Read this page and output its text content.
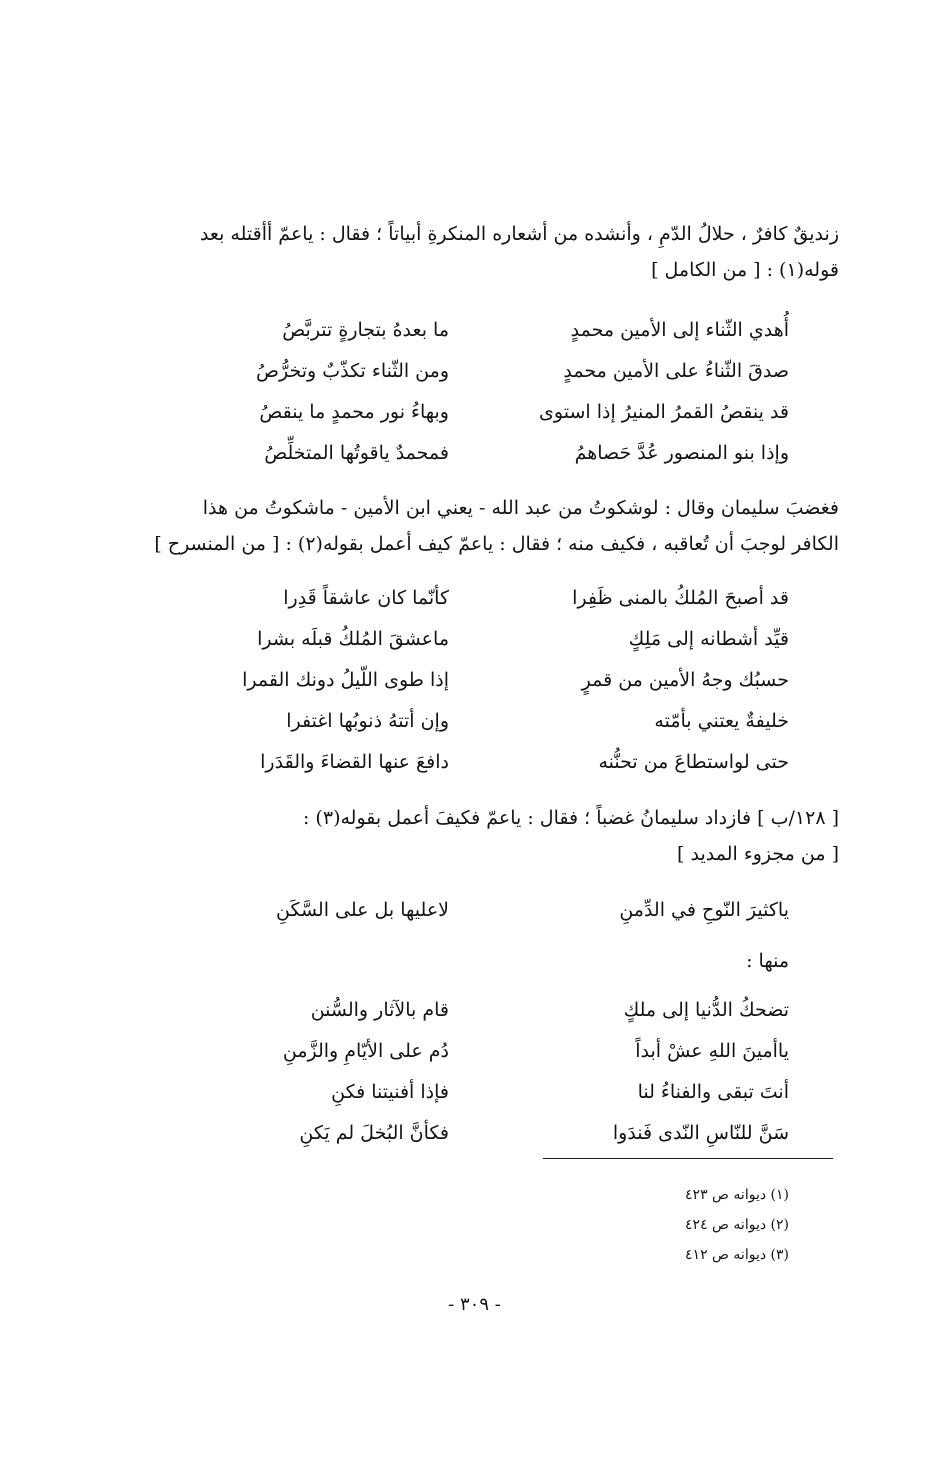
زنديقٌ كافرٌ ، حلالُ الدّمِ ، وأنشده من أشعاره المنكرةِ أبياتاً ؛ فقال : ياعمّ أأقتله بعد
قوله(١) : [ من الكامل ]
أُهدي الثّناء إلى الأمين محمدٍ
ما بعدهُ بتجارةٍ تتربَّصُ
صدقَ الثّناءُ على الأمين محمدٍ
ومن الثّناء تكذّبٌ وتخرُّصُ
قد ينقصُ القمرُ المنيرُ إذا استوى
وبهاءُ نور محمدٍ ما ينقصُ
وإذا بنو المنصور عُدَّ حَصاهمُ
فمحمدٌ ياقوتُها المتخلِّصُ
فغضبَ سليمان وقال : لوشكوتُ من عبد الله - يعني ابن الأمين - ماشكوتُ من هذا
الكافر لوجبَ أن تُعاقبه ، فكيف منه ؛ فقال : ياعمّ كيف أعمل بقوله(٢) : [ من المنسرح ]
قد أصبحَ المُلكُ بالمنى ظَفِرا
كأنّما كان عاشقاً قَدِرا
قيِّد أشطانه إلى مَلِكٍ
ماعشقَ المُلكُ قبلَه بشرا
حسبُك وجهُ الأمين من قمرٍ
إذا طوى اللّيلُ دونك القمرا
خليفةٌ يعتني بأمّته
وإن أتتهُ ذنوبُها اغتفرا
حتى لواستطاعَ من تحنُّنه
دافعَ عنها القضاءَ والقَدَرا
[ ١٢٨/ب ] فازداد سليمانُ غضباً ؛ فقال : ياعمّ فكيفَ أعمل بقوله(٣) :
[ من مجزوء المديد ]
ياكثيرَ النّوحِ في الدِّمنِ
لاعليها بل على السَّكَنِ
منها :
تضحكُ الدُّنيا إلى ملكٍ
قام بالآثار والسُّنن
ياأمينَ اللهِ عشْ أبداً
دُم على الأيّامِ والزَّمنِ
أنتَ تبقى والفناءُ لنا
فإذا أفنيتنا فكنِ
سَنَّ للنّاسِ النّدى فَندَوا
فكأنَّ البُخلَ لم يَكنِ
(١) ديوانه ص ٤٢٣
(٢) ديوانه ص ٤٢٤
(٣) ديوانه ص ٤١٢
- ٣٠٩ -
